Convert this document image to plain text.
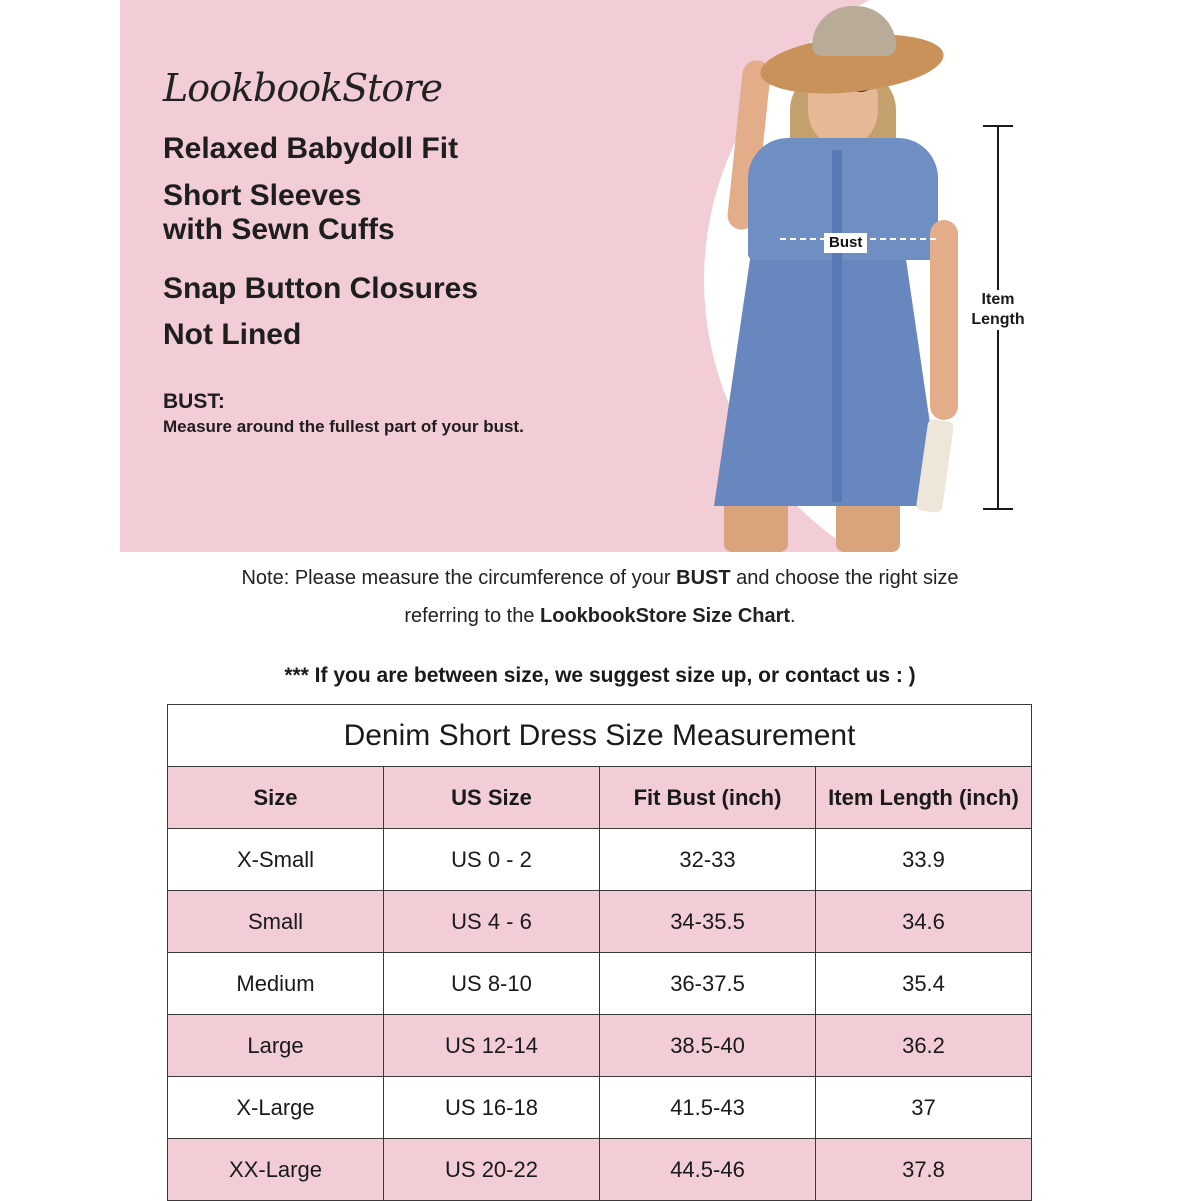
LookbookStore
Relaxed Babydoll Fit
Short Sleeves
with Sewn Cuffs
Snap Button Closures
Not Lined
BUST:
Measure around the fullest part of your bust.
Bust
Item
Length
Note: Please measure the circumference of your BUST and choose the right size
referring to the LookbookStore Size Chart.
*** If you are between size, we suggest size up, or contact us : )
Denim Short Dress Size Measurement			
Size	US Size	Fit Bust (inch)	Item Length (inch)
X-Small	US 0 - 2	32-33	33.9
Small	US 4 - 6	34-35.5	34.6
Medium	US 8-10	36-37.5	35.4
Large	US 12-14	38.5-40	36.2
X-Large	US 16-18	41.5-43	37
XX-Large	US 20-22	44.5-46	37.8
